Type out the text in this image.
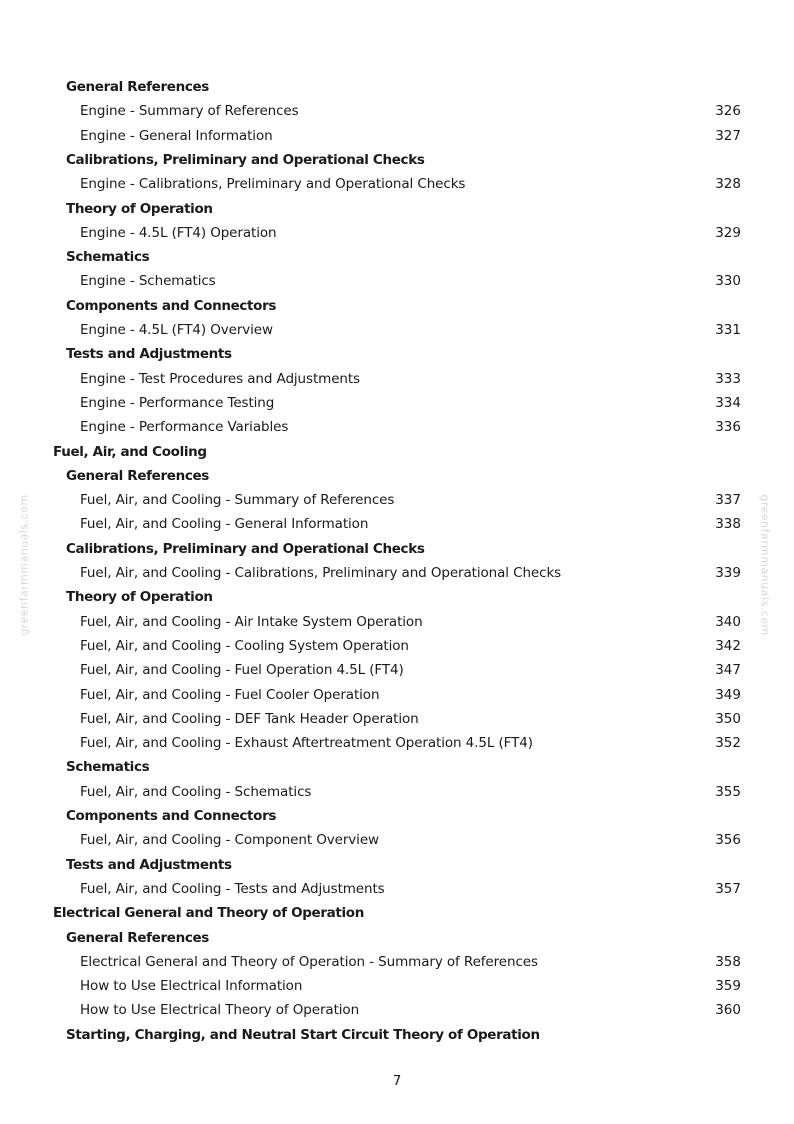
General References
Engine - Summary of References	326
Engine - General Information	327
Calibrations, Preliminary and Operational Checks
Engine - Calibrations, Preliminary and Operational Checks	328
Theory of Operation
Engine - 4.5L (FT4) Operation	329
Schematics
Engine - Schematics	330
Components and Connectors
Engine - 4.5L (FT4) Overview	331
Tests and Adjustments
Engine - Test Procedures and Adjustments	333
Engine - Performance Testing	334
Engine - Performance Variables	336
Fuel, Air, and Cooling
General References
Fuel, Air, and Cooling - Summary of References	337
Fuel, Air, and Cooling - General Information	338
Calibrations, Preliminary and Operational Checks
Fuel, Air, and Cooling - Calibrations, Preliminary and Operational Checks	339
Theory of Operation
Fuel, Air, and Cooling - Air Intake System Operation	340
Fuel, Air, and Cooling - Cooling System Operation	342
Fuel, Air, and Cooling - Fuel Operation 4.5L (FT4)	347
Fuel, Air, and Cooling - Fuel Cooler Operation	349
Fuel, Air, and Cooling - DEF Tank Header Operation	350
Fuel, Air, and Cooling - Exhaust Aftertreatment Operation 4.5L (FT4)	352
Schematics
Fuel, Air, and Cooling - Schematics	355
Components and Connectors
Fuel, Air, and Cooling - Component Overview	356
Tests and Adjustments
Fuel, Air, and Cooling - Tests and Adjustments	357
Electrical General and Theory of Operation
General References
Electrical General and Theory of Operation - Summary of References	358
How to Use Electrical Information	359
How to Use Electrical Theory of Operation	360
Starting, Charging, and Neutral Start Circuit Theory of Operation
greenfarmmanuals.com	greenfarmmanuals.com
7
